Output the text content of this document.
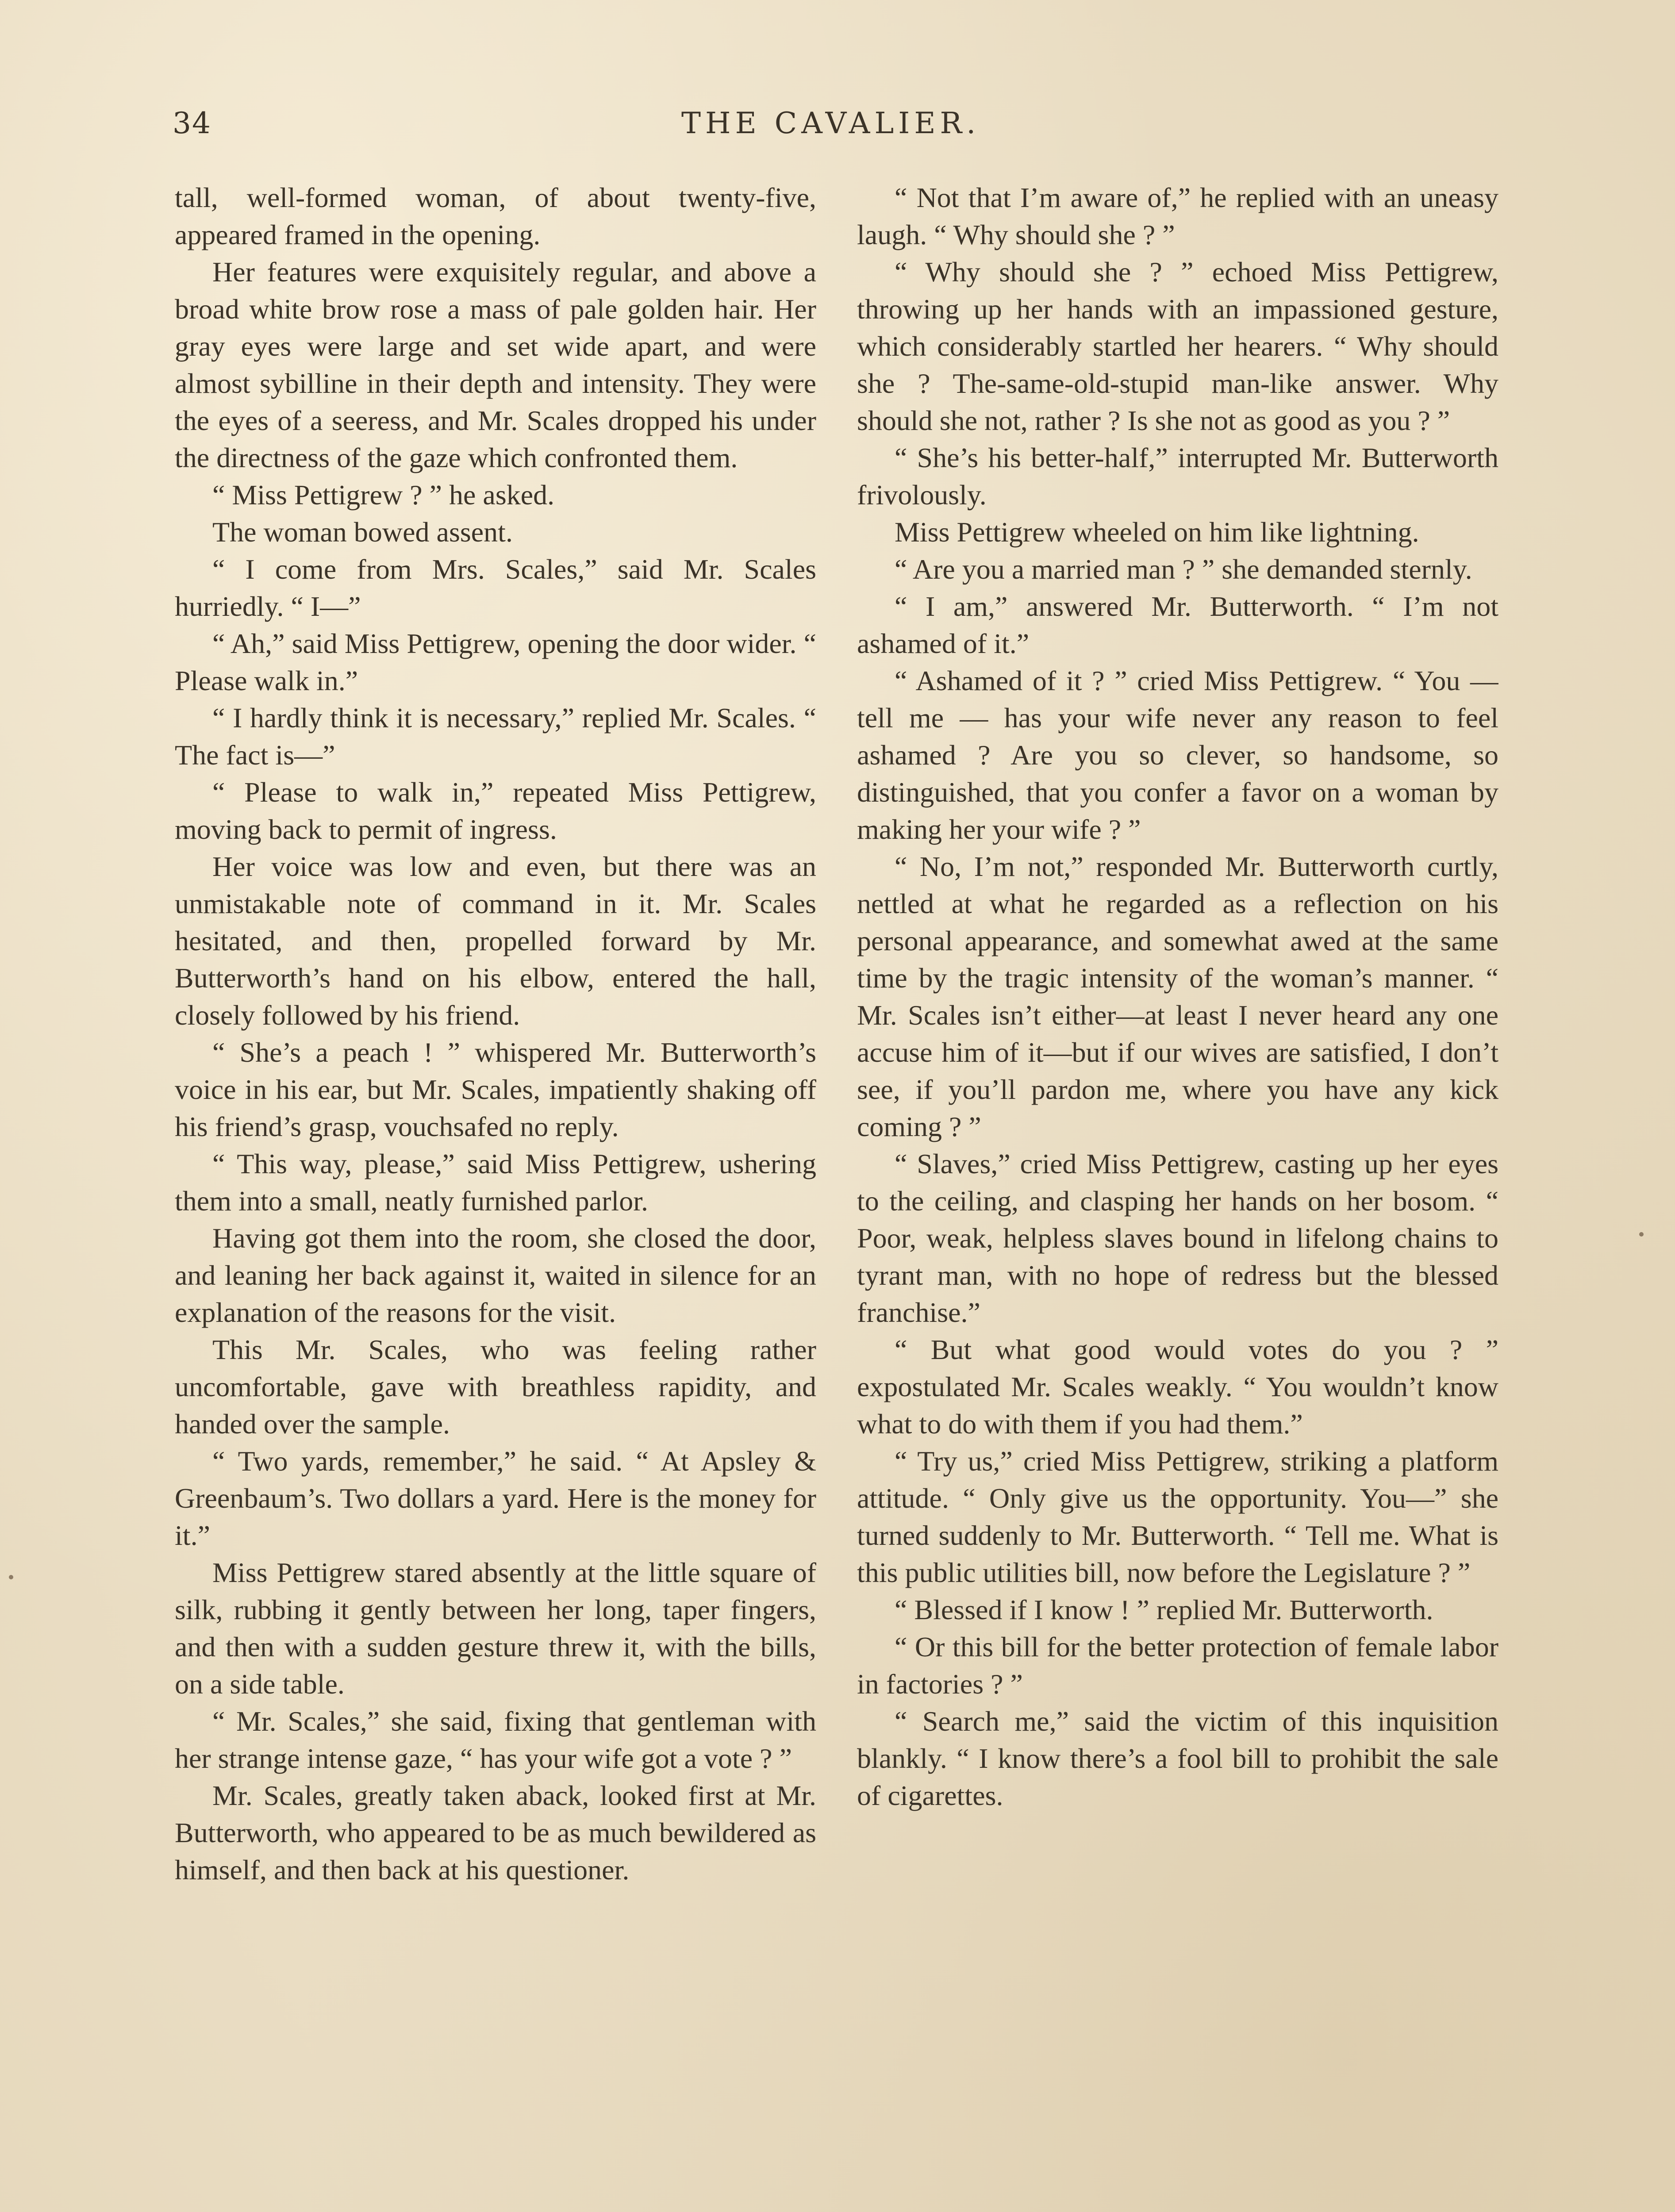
34	THE CAVALIER.

tall, well-formed woman, of about twenty-five, appeared framed in the opening.

Her features were exquisitely regular, and above a broad white brow rose a mass of pale golden hair. Her gray eyes were large and set wide apart, and were almost sybilline in their depth and intensity. They were the eyes of a seeress, and Mr. Scales dropped his under the directness of the gaze which confronted them.

“ Miss Pettigrew ? ” he asked.

The woman bowed assent.

“ I come from Mrs. Scales,” said Mr. Scales hurriedly. “ I—”

“ Ah,” said Miss Pettigrew, opening the door wider. “ Please walk in.”

“ I hardly think it is necessary,” replied Mr. Scales. “ The fact is—”

“ Please to walk in,” repeated Miss Pettigrew, moving back to permit of ingress.

Her voice was low and even, but there was an unmistakable note of command in it. Mr. Scales hesitated, and then, propelled forward by Mr. Butterworth’s hand on his elbow, entered the hall, closely followed by his friend.

“ She’s a peach ! ” whispered Mr. Butterworth’s voice in his ear, but Mr. Scales, impatiently shaking off his friend’s grasp, vouchsafed no reply.

“ This way, please,” said Miss Pettigrew, ushering them into a small, neatly furnished parlor.

Having got them into the room, she closed the door, and leaning her back against it, waited in silence for an explanation of the reasons for the visit.

This Mr. Scales, who was feeling rather uncomfortable, gave with breathless rapidity, and handed over the sample.

“ Two yards, remember,” he said. “ At Apsley & Greenbaum’s. Two dollars a yard. Here is the money for it.”

Miss Pettigrew stared absently at the little square of silk, rubbing it gently between her long, taper fingers, and then with a sudden gesture threw it, with the bills, on a side table.

“ Mr. Scales,” she said, fixing that gentleman with her strange intense gaze, “ has your wife got a vote ? ”

Mr. Scales, greatly taken aback, looked first at Mr. Butterworth, who appeared to be as much bewildered as himself, and then back at his questioner.

“ Not that I’m aware of,” he replied with an uneasy laugh. “ Why should she ? ”

“ Why should she ? ” echoed Miss Pettigrew, throwing up her hands with an impassioned gesture, which considerably startled her hearers. “ Why should she ? The-same-old-stupid man-like answer. Why should she not, rather ? Is she not as good as you ? ”

“ She’s his better-half,” interrupted Mr. Butterworth frivolously.

Miss Pettigrew wheeled on him like lightning.

“ Are you a married man ? ” she demanded sternly.

“ I am,” answered Mr. Butterworth. “ I’m not ashamed of it.”

“ Ashamed of it ? ” cried Miss Pettigrew. “ You — tell me — has your wife never any reason to feel ashamed ? Are you so clever, so handsome, so distinguished, that you confer a favor on a woman by making her your wife ? ”

“ No, I’m not,” responded Mr. Butterworth curtly, nettled at what he regarded as a reflection on his personal appearance, and somewhat awed at the same time by the tragic intensity of the woman’s manner. “ Mr. Scales isn’t either—at least I never heard any one accuse him of it—but if our wives are satisfied, I don’t see, if you’ll pardon me, where you have any kick coming ? ”

“ Slaves,” cried Miss Pettigrew, casting up her eyes to the ceiling, and clasping her hands on her bosom. “ Poor, weak, helpless slaves bound in lifelong chains to tyrant man, with no hope of redress but the blessed franchise.”

“ But what good would votes do you ? ” expostulated Mr. Scales weakly. “ You wouldn’t know what to do with them if you had them.”

“ Try us,” cried Miss Pettigrew, striking a platform attitude. “ Only give us the opportunity. You—” she turned suddenly to Mr. Butterworth. “ Tell me. What is this public utilities bill, now before the Legislature ? ”

“ Blessed if I know ! ” replied Mr. Butterworth.

“ Or this bill for the better protection of female labor in factories ? ”

“ Search me,” said the victim of this inquisition blankly. “ I know there’s a fool bill to prohibit the sale of cigarettes.
